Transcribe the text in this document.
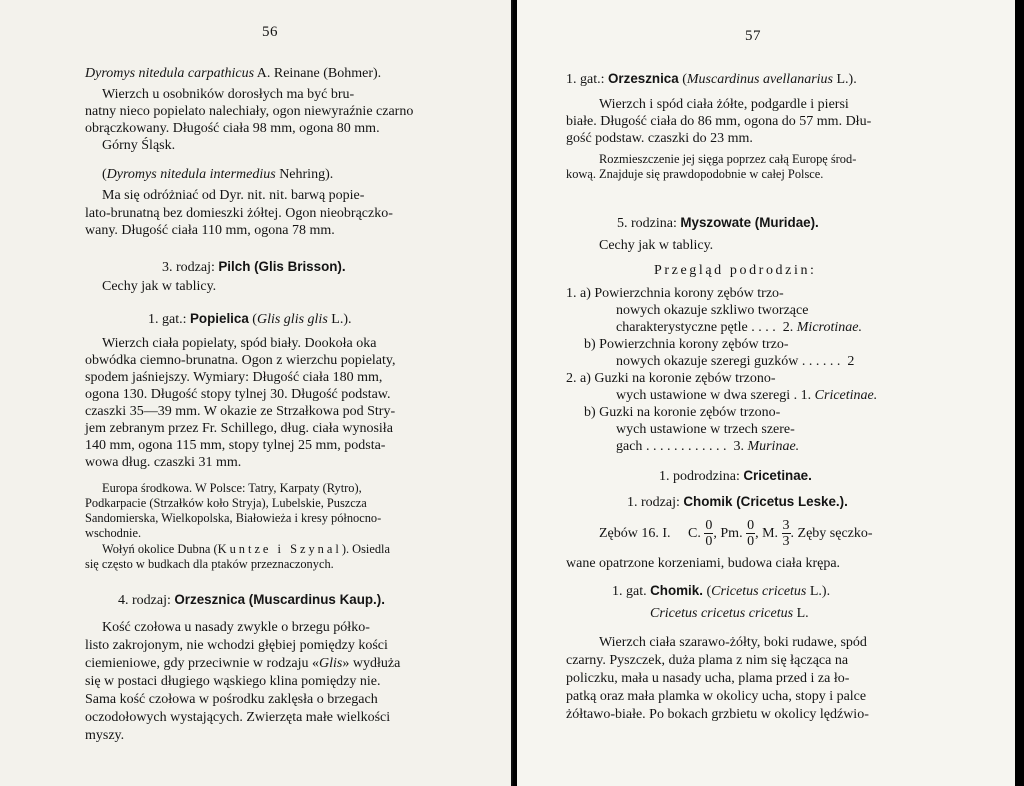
56
Dyromys nitedula carpathicus A. Reinane (Bohmer).
Wierzch u osobników dorosłych ma być bru-
natny nieco popielato nalechiały, ogon niewyraźnie czarno
obrączkowany. Długość ciała 98 mm, ogona 80 mm.
Górny Śląsk.
(Dyromys nitedula intermedius Nehring).
Ma się odróżniać od Dyr. nit. nit. barwą popie-
lato-brunatną bez domieszki żółtej. Ogon nieobrączko-
wany. Długość ciała 110 mm, ogona 78 mm.
3. rodzaj: Pilch (Glis Brisson).
Cechy jak w tablicy.
1. gat.: Popielica (Glis glis glis L.).
Wierzch ciała popielaty, spód biały. Dookoła oka
obwódka ciemno-brunatna. Ogon z wierzchu popielaty,
spodem jaśniejszy. Wymiary: Długość ciała 180 mm,
ogona 130. Długość stopy tylnej 30. Długość podstaw.
czaszki 35—39 mm. W okazie ze Strzałkowa pod Stry-
jem zebranym przez Fr. Schillego, dług. ciała wynosiła
140 mm, ogona 115 mm, stopy tylnej 25 mm, podsta-
wowa dług. czaszki 31 mm.
Europa środkowa. W Polsce: Tatry, Karpaty (Rytro),
Podkarpacie (Strzałków koło Stryja), Lubelskie, Puszcza
Sandomierska, Wielkopolska, Białowieża i kresy północno-
wschodnie.
Wołyń okolice Dubna (Kuntze i Szynal). Osiedla
się często w budkach dla ptaków przeznaczonych.
4. rodzaj: Orzesznica (Muscardinus Kaup.).
Kość czołowa u nasady zwykle o brzegu półko-
listo zakrojonym, nie wchodzi głębiej pomiędzy kości
ciemieniowe, gdy przeciwnie w rodzaju «Glis» wydłuża
się w postaci długiego wąskiego klina pomiędzy nie.
Sama kość czołowa w pośrodku zaklęsła o brzegach
oczodołowych wystających. Zwierzęta małe wielkości
myszy.
57
1. gat.: Orzesznica (Muscardinus avellanarius L.).
Wierzch i spód ciała żółte, podgardle i piersi
białe. Długość ciała do 86 mm, ogona do 57 mm. Dłu-
gość podstaw. czaszki do 23 mm.
Rozmieszczenie jej sięga poprzez całą Europę środ-
kową. Znajduje się prawdopodobnie w całej Polsce.
5. rodzina: Myszowate (Muridae).
Cechy jak w tablicy.
Przegląd podrodzin:
1. a) Powierzchnia korony zębów trzo-
nowych okazuje szkliwo tworzące
charakterystyczne pętle . . . . 2. Microtinae.
b) Powierzchnia korony zębów trzo-
nowych okazuje szeregi guzków . . . . . . 2
2. a) Guzki na koronie zębów trzono-
wych ustawione w dwa szeregi . 1. Cricetinae.
b) Guzki na koronie zębów trzono-
wych ustawione w trzech szere-
gach . . . . . . . . . . . . 3. Murinae.
1. podrodzina: Cricetinae.
1. rodzaj: Chomik (Cricetus Leske.).
Zębów 16. I. C. $\frac{0}{0}$, Pm. $\frac{0}{0}$, M. $\frac{3}{3}$. Zęby sęczko-
wane opatrzone korzeniami, budowa ciała krępa.
1. gat. Chomik. (Cricetus cricetus L.).
Cricetus cricetus cricetus L.
Wierzch ciała szarawo-żółty, boki rudawe, spód
czarny. Pyszczek, duża plama z nim się łącząca na
policzku, mała u nasady ucha, plama przed i za ło-
patką oraz mała plamka w okolicy ucha, stopy i palce
żółtawo-białe. Po bokach grzbietu w okolicy lędźwio-
